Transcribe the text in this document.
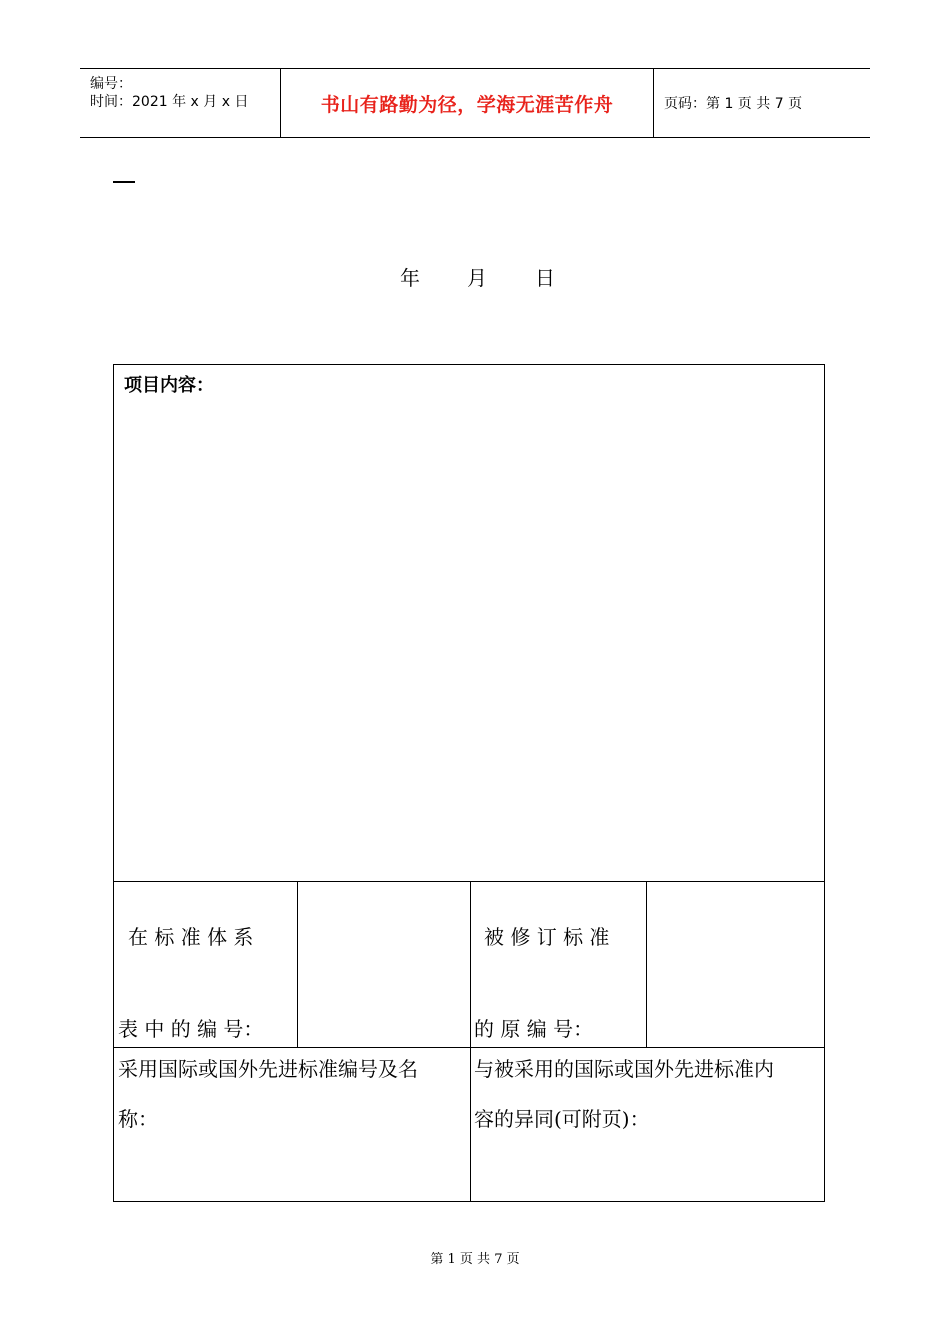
编号：
时间：2021 年 x 月 x 日	书山有路勤为径，学海无涯苦作舟	页码：第 1 页 共 7 页
年 月 日
项目内容：
在 标 准 体 系
表 中 的 编 号：
被 修 订 标 准
的 原 编 号：
采用国际或国外先进标准编号及名
称：
与被采用的国际或国外先进标准内
容的异同(可附页)：
第 1 页 共 7 页
